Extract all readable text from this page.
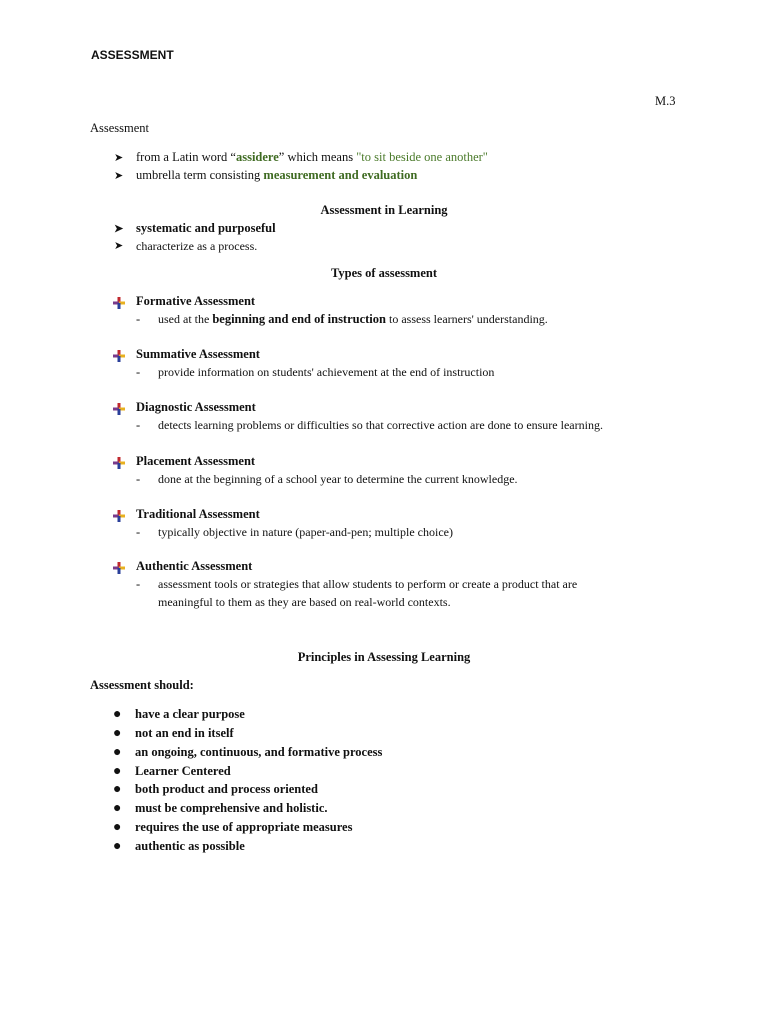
ASSESSMENT
M.3
Assessment
➤ from a Latin word “assidere” which means "to sit beside one another"
➤ umbrella term consisting measurement and evaluation
Assessment in Learning
➤ systematic and purposeful
➤ characterize as a process.
Types of assessment
Formative Assessment
- used at the beginning and end of instruction to assess learners' understanding.
Summative Assessment
- provide information on students' achievement at the end of instruction
Diagnostic Assessment
- detects learning problems or difficulties so that corrective action are done to ensure learning.
Placement Assessment
- done at the beginning of a school year to determine the current knowledge.
Traditional Assessment
- typically objective in nature (paper-and-pen; multiple choice)
Authentic Assessment
- assessment tools or strategies that allow students to perform or create a product that are
meaningful to them as they are based on real-world contexts.
Principles in Assessing Learning
Assessment should:
● have a clear purpose
● not an end in itself
● an ongoing, continuous, and formative process
● Learner Centered
● both product and process oriented
● must be comprehensive and holistic.
● requires the use of appropriate measures
● authentic as possible
